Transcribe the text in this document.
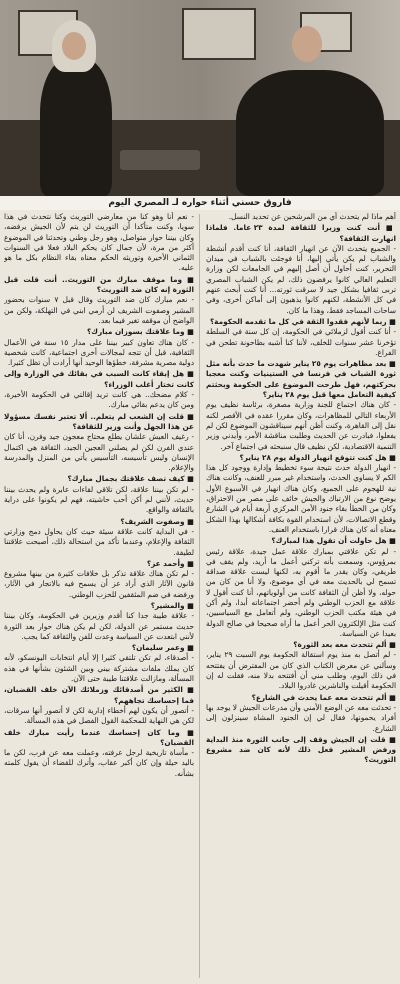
فاروق حسني أثناء حواره لـ المصري اليوم

أهم ماذا لم يتحدث أي من المرشحين عن تحديد النسل.

■ أنت كنت وزيرا للثقافة لمدة ٢٣ عاما. فلماذا انهارت الثقافة؟

- الجميع يتحدث الآن عن انهيار الثقافة، أنا كنت أقدم أنشطة والشباب لم يكن يأتي إليها، أنا فوجئت بالشباب في ميدان التحرير، كنت أحاول أن أصل إليهم في الجامعات لكن وزارة التعليم العالي كانوا يرفضون ذلك، لم يكن الشباب المصري تربى ثقافيا بشكل جيد لا سرقت ثورته... أنا كنت أبحث عنهم في كل الأنشطة، لكنهم كانوا يذهبون إلى أماكن أخرى، وفي ساحات المساجد فقط، وهذا ما كان.

■ ربما لأنهم فقدوا الثقة في كل ما تقدمه الحكومة؟

- أنا كنت أقول لزملائي في الحكومة، إن كل سنة في السلطة تؤخرنا عشر سنوات للخلف، لأننا كنا أشبه بطاحونة تطحن في الفراغ.

■ بعد مظاهرات يوم ٢٥ يناير شهدت ما حدث بأنه مثل ثورة الشباب في فرنسا في الستينيات وكنت معجبا بحركتهم، فهل طرحت الموضوع على الحكومة وبحثتم كيفية التعامل معها قبل يوم ٢٨ يناير؟

- كان هناك اجتماع للجنة وزارية مصغرة، برئاسة نظيف يوم الأربعاء التالي للمظاهرات، وكان مقررا عقده في الأقصر لكنه نقل إلى القاهرة، وكنت أظن أنهم سيناقشون الموضوع لكن لم يفعلوا، فبادرت عن الحديث وطلبت مناقشة الأمر، وأيدني وزير التنمية الاقتصادية، لكن نظيف قال سنبحثه في اجتماع آخر.

■ هل كنت تتوقع انهيار الدولة يوم ٢٨ يناير؟

- انهيار الدولة حدث نتيجة سوء تخطيط وإدارة ووجود كل هذا الكم لا يساوي الحدث، واستخدام غير مبرر للعنف، وكانت هناك نية للهجوم على الجميع، وكان هناك انهيار في الأسبوع الأول يوضح نوع من الارتباك والجيش خائف على مصر من الاحتراق، وكان من الخطأ بقاء جنود الأمن المركزي أربعة أيام في الشارع وقطع الاتصالات، لأن استخدام القوة بكافة أشكالها بهذا الشكل معناه أنه كان هناك قرارا باستخدام العنف.

■ هل حاولت أن تقول هذا لمبارك؟

- لم تكن علاقتي بمبارك علاقة عمل جيدة، علاقة رئيس بمرؤوس، وسمعت بأنه تركني أعمل ما أريد، ولم يقف في طريقي، وكان يقدر ما أقوم به، لكنها ليست علاقة صداقة تسمح لي بالحديث معه في أي موضوع، ولا أنا من كان من حوله، ولا أظن أن الثقافة كانت من أولوياتهم، أنا كنت أقول لا علاقة مع الحزب الوطني ولم أحضر اجتماعاته أبدا، ولم أكن في هيئة مكتب الحزب الوطني، ولم أتعامل مع السياسيين، كنت مثل الإلكترون الحر أعمل ما أراه صحيحا في صالح الدولة بعيدا عن السياسة.

■ ألم تتحدث معه بعد الثورة؟

- لم أتصل به منذ يوم استقالة الحكومة يوم السبت ٢٩ يناير، وسألني عن معرض الكتاب الذي كان من المفترض أن يفتتحه في ذلك اليوم، وطلب مني أن أفتتحه بدلا منه، فقلت له إن الحكومة أقيلت والناشرين غادروا البلاد.

■ ألم تتحدث معه عما يحدث في الشارع؟

- تحدثت معه عن الوضع الأمني وأن مدرعات الجيش لا يوجد بها أفراد يحمونها، فقال لي إن الجنود المشاة سينزلون إلى الشارع.

■ قلت إن الجيش وقف إلى جانب الثورة منذ البداية ورفض المشير فعل ذلك لأنه كان ضد مشروع التوريث؟

- نعم أنا وهو كنا من معارضي التوريث وكنا نتحدث في هذا سويا، وكنت متأكدا أن التوريث لن يتم لأن الجيش يرفضه، وكان بيننا حوار متواصل، وهو رجل وطني وتحدثنا في الموضوع أكثر من مرة، لأن جمال كان يحكم البلاد فعلا في السنوات الثماني الأخيرة وتوريثه الحكم معناه بقاء النظام بكل ما هو عليه.

■ وما موقف مبارك من التوريث.. أنت قلت قبل الثورة إنه كان ضد التوريث؟

- نعم مبارك كان ضد التوريث وقال قبل ٧ سنوات بحضور المشير وصفوت الشريف لن أرمي ابني في التهلكة، ولكن من الواضح أن موقفه تغير فيما بعد.

■ وما علاقتك بسوزان مبارك؟

- كان هناك تعاون كبير بيننا على مدار ١٥ سنة في الأعمال الثقافية، قبل أن تتجه لمجالات أخرى اجتماعية، كانت شخصية دولية مصرية مشرفة، خطؤها الوحيد أنها أرادت أن تظل كثيرا.

■ هل إبقاء كانت السبب في بقائك في الوزارة وإلى كانت تختار أغلب الوزراء؟

- كلام مضحك.. هي كانت تريد إقالتي في الحكومة الأخيرة، ومن كان يدعم بقائي مبارك.

■ قلت إن الشعب لم يتعلم.. ألا تعتبر نفسك مسؤولا عن هذا الجهل وأنت وزير للثقافة؟

- رغيف العيش علشان يطلع محتاج معجون جيد وفرن، أنا كان عندي الفرن لكن لم يصلني العجين الجيد، الثقافة هي اكتمال الإنسان وليس تأسيسه، التأسيس يأتي من المنزل والمدرسة والإعلام.

■ كيف تصف علاقتك بجمال مبارك؟

- لم تكن بيننا علاقة، لكن تلاقي لقاءات عابرة ولم يحدث بيننا حديث، لأنني لم أكن أحب حاشيته، فهم لم يكونوا على دراية بالثقافة والواقع.

■ وصفوت الشريف؟

- في البداية كانت علاقة سيئة حيث كان يحاول دمج وزارتي الثقافة والإعلام، وعندما تأكد من استحالة ذلك، أصبحت علاقتنا لطيفة.

■ وأحمد عز؟

- لم تكن هناك علاقة تذكر بل خلافات كثيرة من بينها مشروع قانون الآثار الذي أراد عز أن يسمح فيه بالاتجار في الآثار، ورفضه في ضم المثقفين للحزب الوطني.

■ والمشير؟

- علاقة طيبة جدا كنا أقدم وزيرين في الحكومة، وكان بيننا حديث مستمر عن الدولة، لكن لم يكن هناك حوار بعد الثورة لأنني ابتعدت عن السياسة وعدت للفن والثقافة كما يجب.

■ وعمر سليمان؟

- أصدقاء، لم تكن تلتقي كثيرا إلا أيام انتخابات اليونسكو، لأنه كان يملك ملفات مشتركة بيني وبين الشئون بشأنها في هذه المسألة، ومازالت علاقتنا طيبة حتى الآن.

■ الكثير من أصدقائك وزملائك الآن خلف القضبان، فما إحساسك تجاههم؟

- أتصور أن يكون لهم أخطاء إدارية لكن لا أتصور أنها سرقات، لكن هي النهاية للمحكمة القول الفصل في هذه المسألة.

■ وما كان إحساسك عندما رأيت مبارك خلف القضبان؟

- مأساة تاريخية لرجل عرفته، وعملت معه عن قرب، لكن ما باليد حيلة وإن كان أكبر عقاب، وأترك للقضاء أن يقول كلمته بشأنه.
